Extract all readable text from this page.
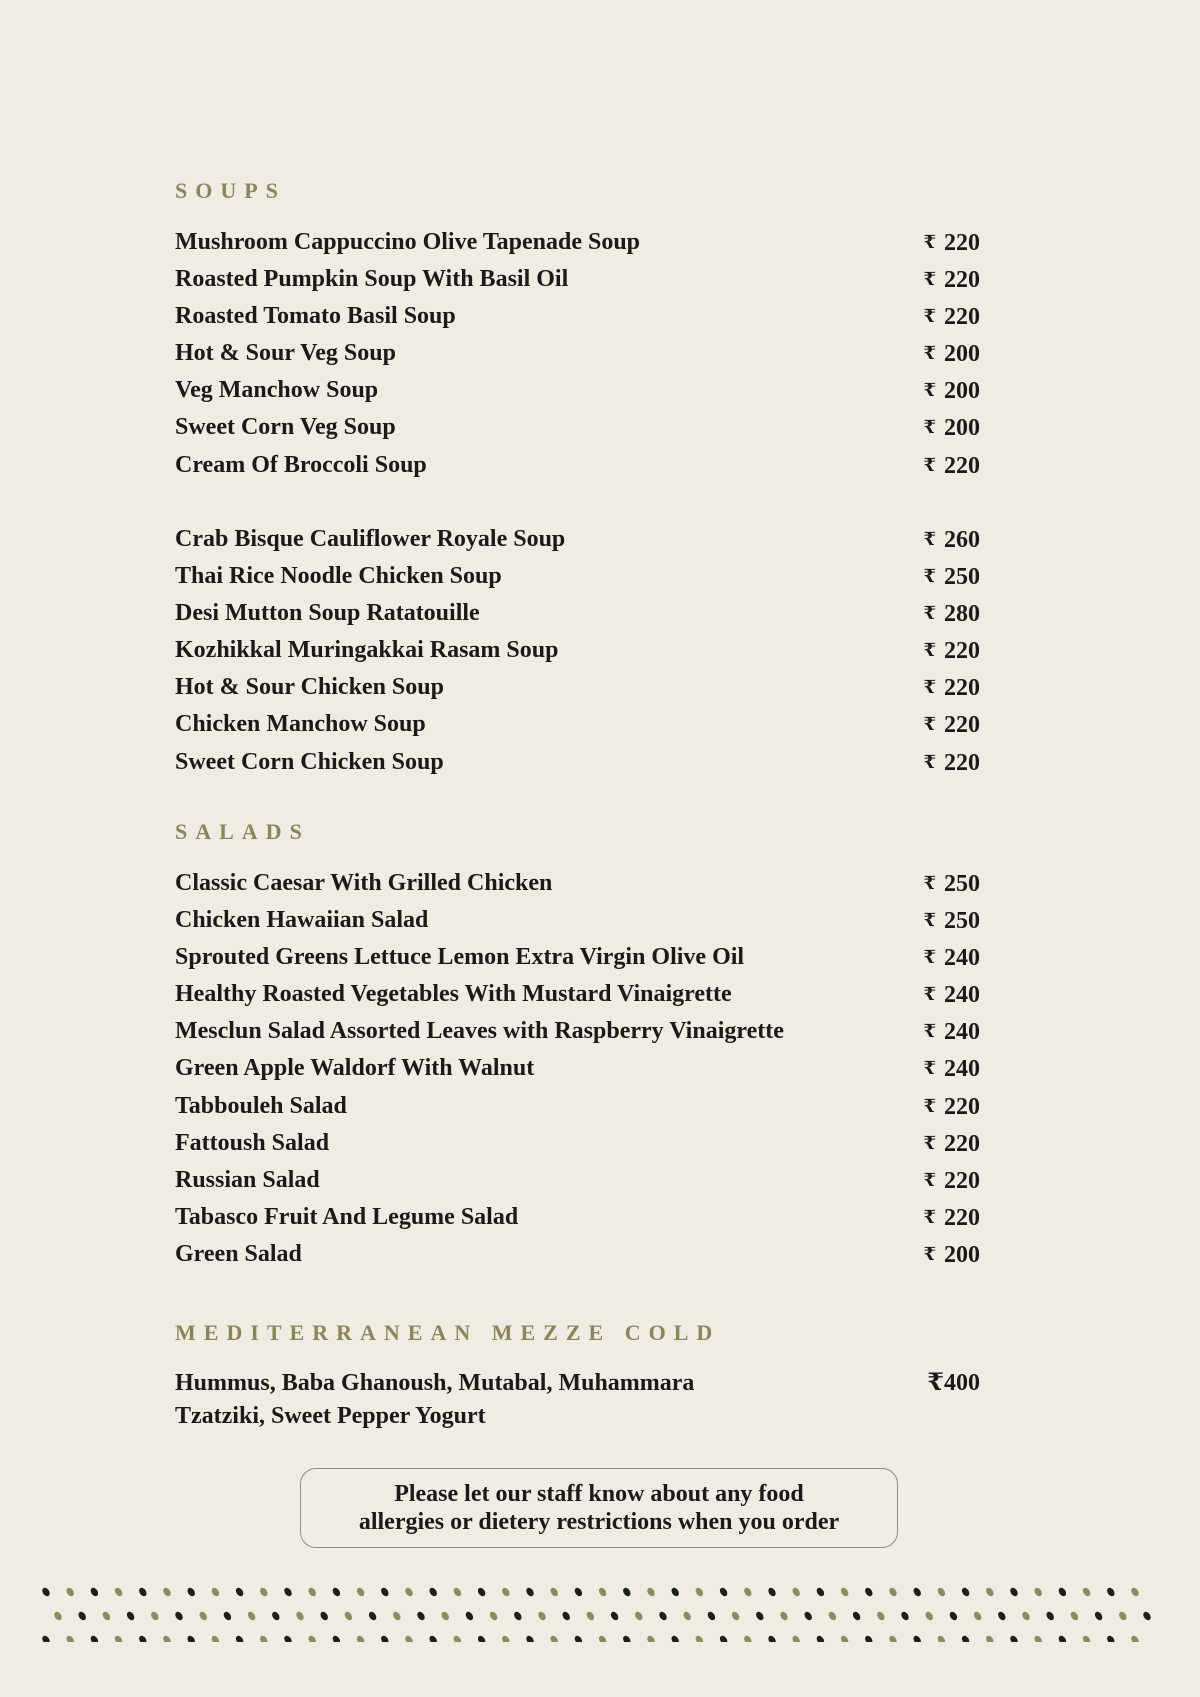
SOUPS
Mushroom Cappuccino Olive Tapenade Soup	₹ 220
Roasted Pumpkin Soup With Basil Oil	₹ 220
Roasted Tomato Basil Soup	₹ 220
Hot & Sour Veg Soup	₹ 200
Veg Manchow Soup	₹ 200
Sweet Corn Veg Soup	₹ 200
Cream Of Broccoli Soup	₹ 220
Crab Bisque Cauliflower Royale Soup	₹ 260
Thai Rice Noodle Chicken Soup	₹ 250
Desi Mutton Soup Ratatouille	₹ 280
Kozhikkal Muringakkai Rasam Soup	₹ 220
Hot & Sour Chicken Soup	₹ 220
Chicken Manchow Soup	₹ 220
Sweet Corn Chicken Soup	₹ 220
SALADS
Classic Caesar With Grilled Chicken	₹ 250
Chicken Hawaiian Salad	₹ 250
Sprouted Greens Lettuce Lemon Extra Virgin Olive Oil	₹ 240
Healthy Roasted Vegetables With Mustard Vinaigrette	₹ 240
Mesclun Salad Assorted Leaves with Raspberry Vinaigrette	₹ 240
Green Apple Waldorf With Walnut	₹ 240
Tabbouleh Salad	₹ 220
Fattoush Salad	₹ 220
Russian Salad	₹ 220
Tabasco Fruit And Legume Salad	₹ 220
Green Salad	₹ 200
MEDITERRANEAN MEZZE COLD
Hummus, Baba Ghanoush, Mutabal, Muhammara
Tzatziki, Sweet Pepper Yogurt
₹400
Please let our staff know about any food
allergies or dietery restrictions when you order
